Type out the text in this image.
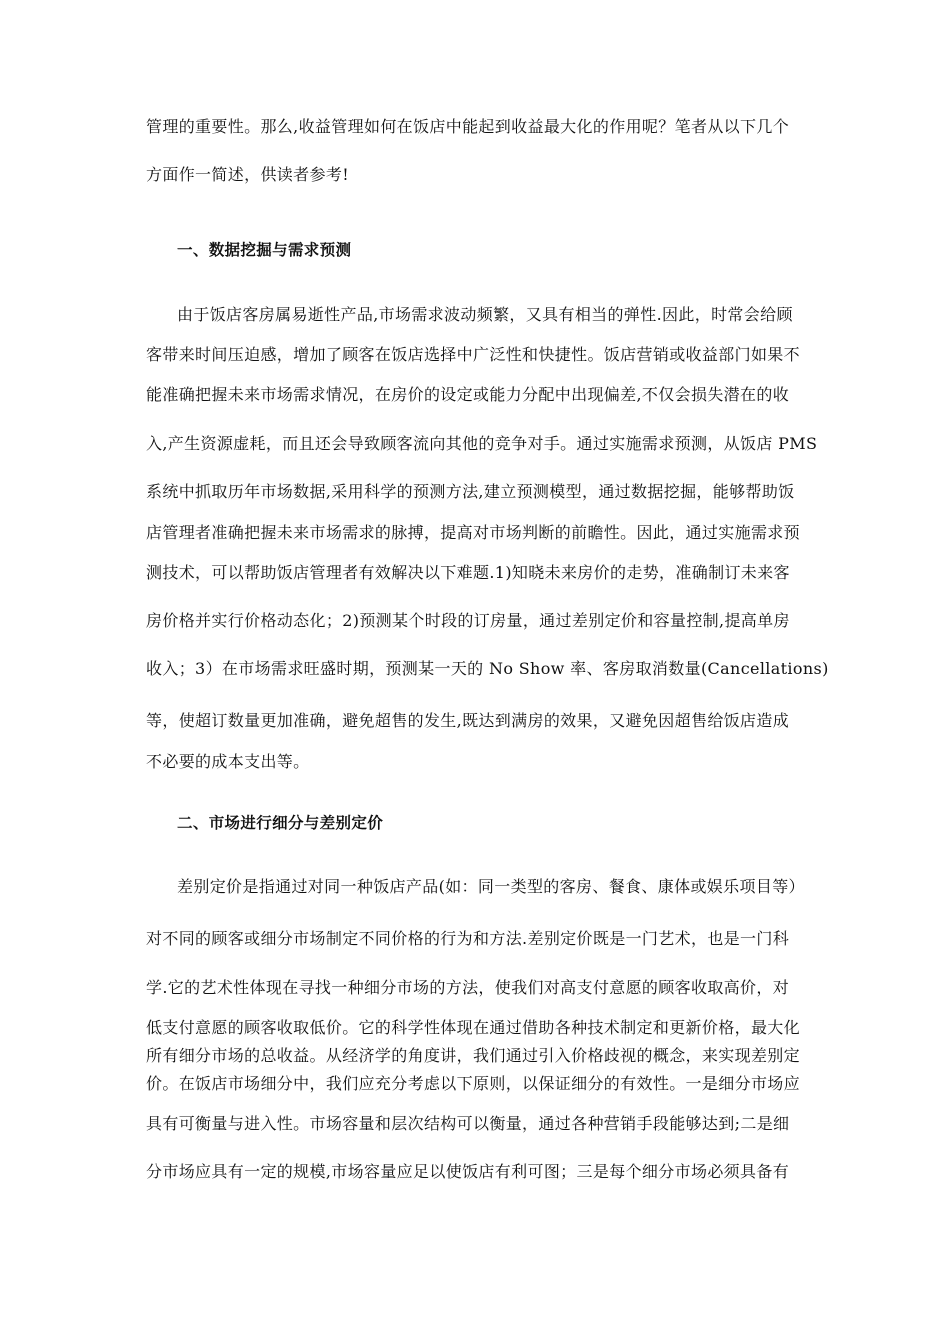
管理的重要性。那么,收益管理如何在饭店中能起到收益最大化的作用呢？笔者从以下几个
方面作一简述，供读者参考!
一、数据挖掘与需求预测
由于饭店客房属易逝性产品,市场需求波动频繁，又具有相当的弹性.因此，时常会给顾
客带来时间压迫感，增加了顾客在饭店选择中广泛性和快捷性。饭店营销或收益部门如果不
能准确把握未来市场需求情况，在房价的设定或能力分配中出现偏差,不仅会损失潜在的收
入,产生资源虚耗，而且还会导致顾客流向其他的竞争对手。通过实施需求预测，从饭店 PMS
系统中抓取历年市场数据,采用科学的预测方法,建立预测模型，通过数据挖掘，能够帮助饭
店管理者准确把握未来市场需求的脉搏，提高对市场判断的前瞻性。因此，通过实施需求预
测技术，可以帮助饭店管理者有效解决以下难题.1)知晓未来房价的走势，准确制订未来客
房价格并实行价格动态化；2)预测某个时段的订房量，通过差别定价和容量控制,提高单房
收入；3）在市场需求旺盛时期，预测某一天的 No Show 率、客房取消数量(Cancellations)
等，使超订数量更加准确，避免超售的发生,既达到满房的效果，又避免因超售给饭店造成
不必要的成本支出等。
二、市场进行细分与差别定价
差别定价是指通过对同一种饭店产品(如：同一类型的客房、餐食、康体或娱乐项目等）
对不同的顾客或细分市场制定不同价格的行为和方法.差别定价既是一门艺术，也是一门科
学.它的艺术性体现在寻找一种细分市场的方法，使我们对高支付意愿的顾客收取高价，对
低支付意愿的顾客收取低价。它的科学性体现在通过借助各种技术制定和更新价格，最大化
所有细分市场的总收益。从经济学的角度讲，我们通过引入价格歧视的概念，来实现差别定
价。在饭店市场细分中，我们应充分考虑以下原则，以保证细分的有效性。一是细分市场应
具有可衡量与进入性。市场容量和层次结构可以衡量，通过各种营销手段能够达到;二是细
分市场应具有一定的规模,市场容量应足以使饭店有利可图；三是每个细分市场必须具备有
